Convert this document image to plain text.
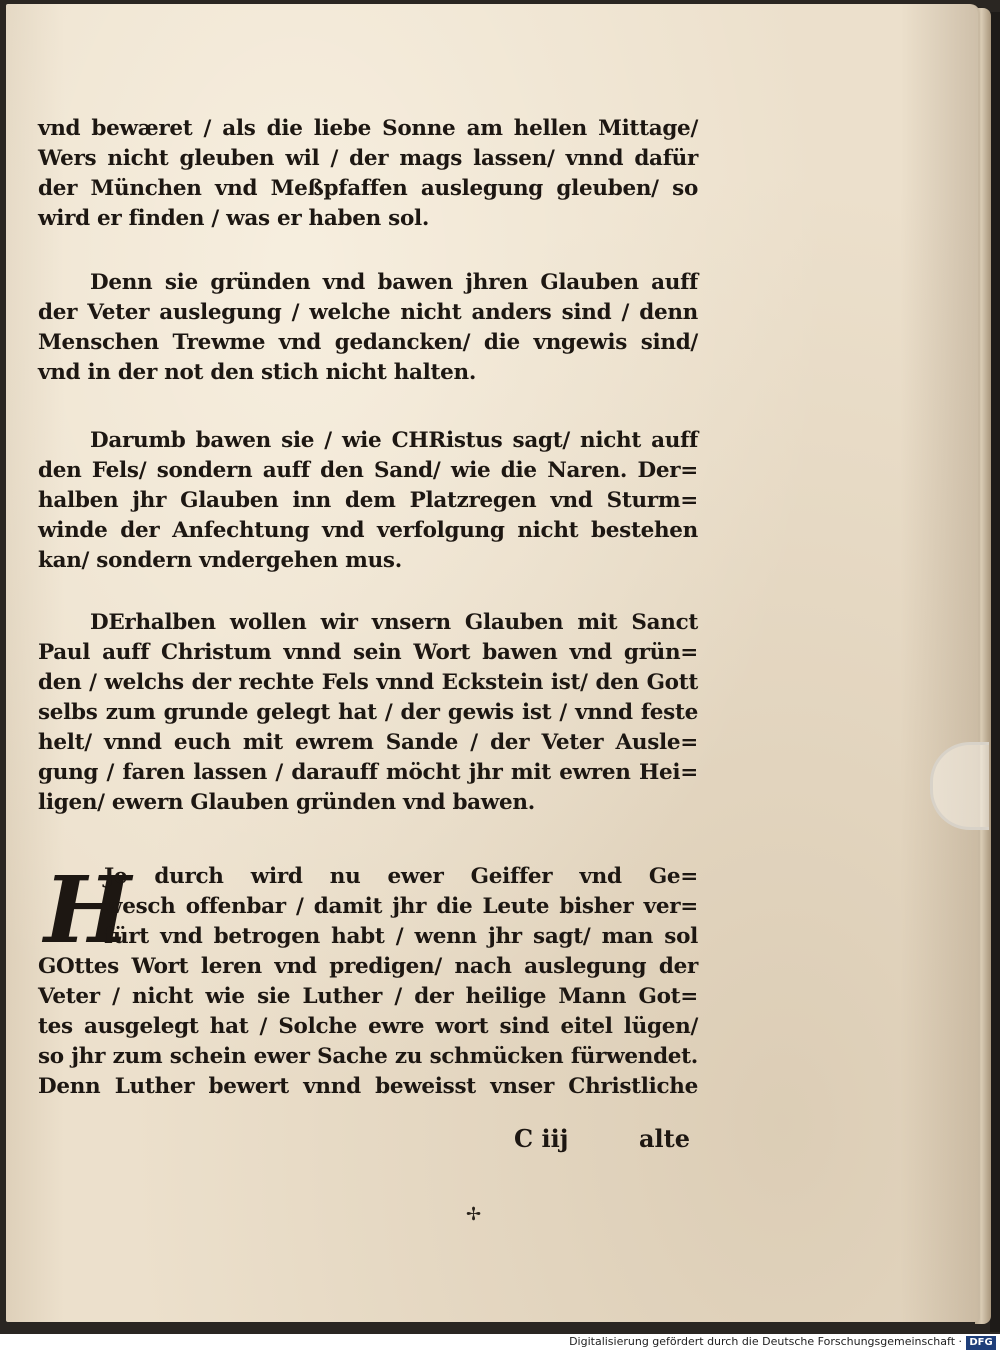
vnd bewæret / als die liebe Sonne am hellen Mittage/
Wers nicht gleuben wil / der mags lassen/ vnnd dafür
der München vnd Meßpfaffen auslegung gleuben/ so
wird er finden / was er haben sol.
Denn sie gründen vnd bawen jhren Glauben auff
der Veter auslegung / welche nicht anders sind / denn
Menschen Trewme vnd gedancken/ die vngewis sind/
vnd in der not den stich nicht halten.
Darumb bawen sie / wie CHRistus sagt/ nicht auff
den Fels/ sondern auff den Sand/ wie die Naren. Der=
halben jhr Glauben inn dem Platzregen vnd Sturm=
winde der Anfechtung vnd verfolgung nicht bestehen
kan/ sondern vndergehen mus.
DErhalben wollen wir vnsern Glauben mit Sanct
Paul auff Christum vnnd sein Wort bawen vnd grün=
den / welchs der rechte Fels vnnd Eckstein ist/ den Gott
selbs zum grunde gelegt hat / der gewis ist / vnnd feste
helt/ vnnd euch mit ewrem Sande / der Veter Ausle=
gung / faren lassen / darauff möcht jhr mit ewren Hei=
ligen/ ewern Glauben gründen vnd bawen.
H
Je durch wird nu ewer Geiffer vnd Ge=
wesch offenbar / damit jhr die Leute bisher ver=
fürt vnd betrogen habt / wenn jhr sagt/ man sol
GOttes Wort leren vnd predigen/ nach auslegung der
Veter / nicht wie sie Luther / der heilige Mann Got=
tes ausgelegt hat / Solche ewre wort sind eitel lügen/
so jhr zum schein ewer Sache zu schmücken fürwendet.
Denn Luther bewert vnnd beweisst vnser Christliche
C iij	alte
✢
Digitalisierung gefördert durch die Deutsche Forschungsgemeinschaft · DFG
